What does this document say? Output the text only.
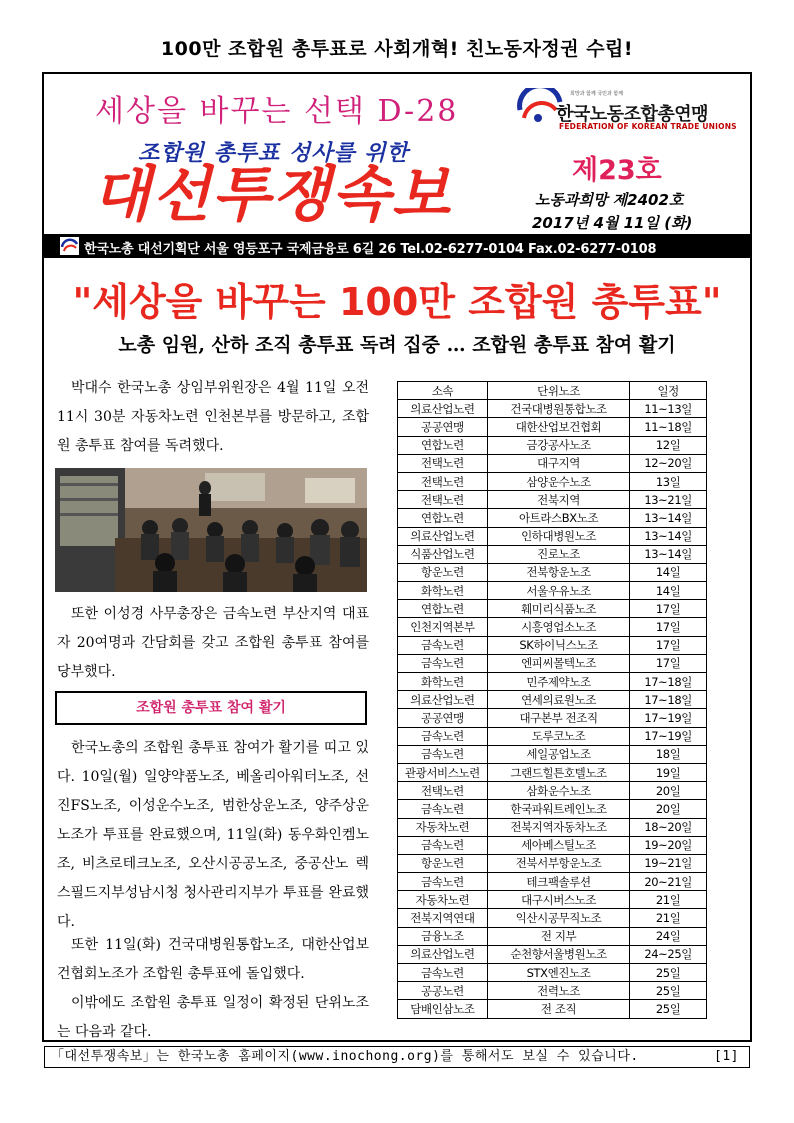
100만 조합원 총투표로 사회개혁! 친노동자정권 수립!
세상을 바꾸는 선택 D-28	희망과 함께 국민과 함께
한국노동조합총연맹
FEDERATION OF KOREAN TRADE UNIONS
조합원 총투표 성사를 위한
대선투쟁속보	제23호
노동과희망 제2402호
2017년 4월 11일 (화)
한국노총 대선기획단 서울 영등포구 국제금융로 6길 26 Tel.02-6277-0104 Fax.02-6277-0108
"세상을 바꾸는 100만 조합원 총투표"
노총 임원, 산하 조직 총투표 독려 집중 … 조합원 총투표 참여 활기
박대수 한국노총 상임부위원장은 4월 11일 오전 11시 30분 자동차노련 인천본부를 방문하고, 조합원 총투표 참여를 독려했다.
또한 이성경 사무총장은 금속노련 부산지역 대표자 20여명과 간담회를 갖고 조합원 총투표 참여를 당부했다.
조합원 총투표 참여 활기
한국노총의 조합원 총투표 참여가 활기를 띠고 있다. 10일(월) 일양약품노조, 베올리아워터노조, 선진FS노조, 이성운수노조, 범한상운노조, 양주상운노조가 투표를 완료했으며, 11일(화) 동우화인켐노조, 비츠로테크노조, 오산시공공노조, 중공산노 렉스필드지부성남시청 청사관리지부가 투표를 완료했다.
또한 11일(화) 건국대병원통합노조, 대한산업보건협회노조가 조합원 총투표에 돌입했다.
이밖에도 조합원 총투표 일정이 확정된 단위노조는 다음과 같다.
소속	단위노조	일정
의료산업노련	건국대병원통합노조	11~13일
공공연맹	대한산업보건협회	11~18일
연합노련	금강공사노조	12일
전택노련	대구지역	12~20일
전택노련	삼양운수노조	13일
전택노련	전북지역	13~21일
연합노련	아트라스BX노조	13~14일
의료산업노련	인하대병원노조	13~14일
식품산업노련	진로노조	13~14일
항운노련	전북항운노조	14일
화학노련	서울우유노조	14일
연합노련	훼미리식품노조	17일
인천지역본부	시흥영업소노조	17일
금속노련	SK하이닉스노조	17일
금속노련	엔피씨몰텍노조	17일
화학노련	민주제약노조	17~18일
의료산업노련	연세의료원노조	17~18일
공공연맹	대구본부 전조직	17~19일
금속노련	도루코노조	17~19일
금속노련	세일공업노조	18일
관광서비스노련	그랜드힐튼호텔노조	19일
전택노련	삼화운수노조	20일
금속노련	한국파워트레인노조	20일
자동차노련	전북지역자동차노조	18~20일
금속노련	세아베스틸노조	19~20일
항운노련	전북서부항운노조	19~21일
금속노련	테크팩솔루션	20~21일
자동차노련	대구시버스노조	21일
전북지역연대	익산시공무직노조	21일
금융노조	전 지부	24일
의료산업노련	순천향서울병원노조	24~25일
금속노련	STX엔진노조	25일
공공노련	전력노조	25일
담배인삼노조	전 조직	25일
「대선투쟁속보」는 한국노총 홈페이지(www.inochong.org)를 통해서도 보실 수 있습니다.	[1]
